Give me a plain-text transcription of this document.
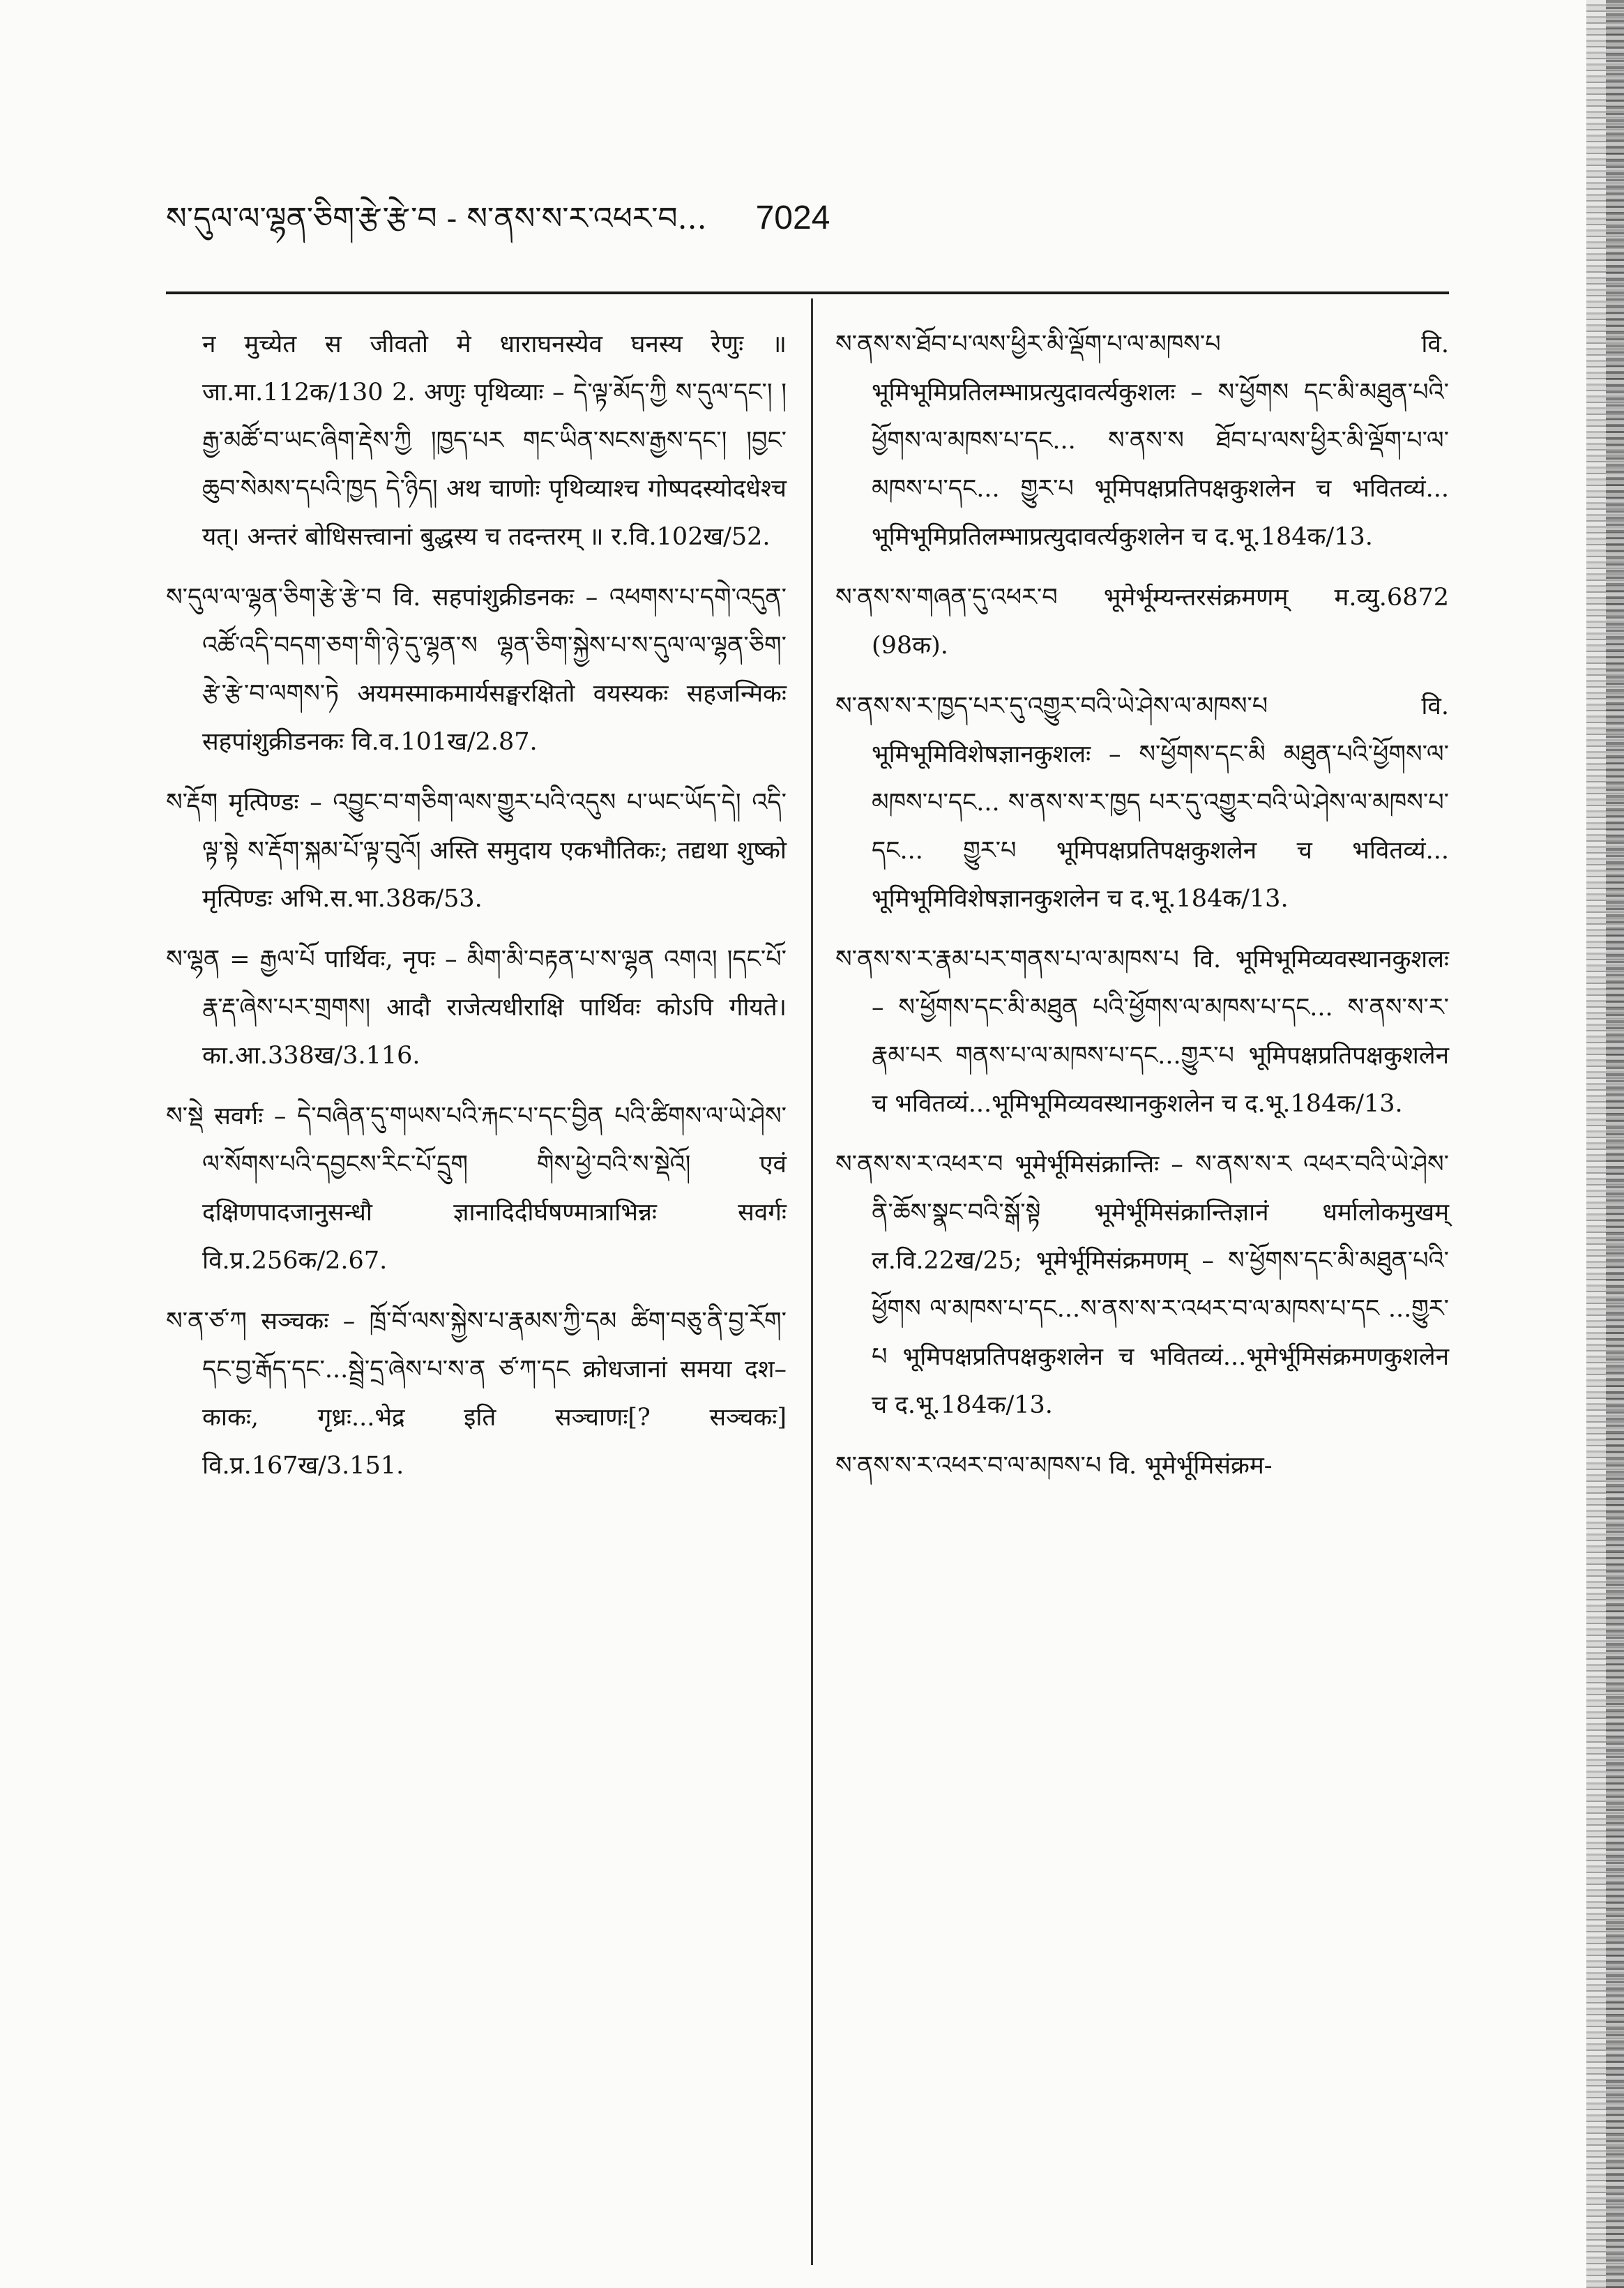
ས་དུལ་ལ་ལྷན་ཅིག་རྩེ་རྩེ་བ - ས་ནས་ས་ར་འཕར་བ... 7024

न मुच्येत स जीवतो मे धाराघनस्येव घनस्य रेणुः ॥ जा.मा.112क/130 2. अणुः पृथिव्याः – དེ་ལྟ་མོད་ཀྱི ས་དུལ་དང་། །རྒྱ་མཚོ་བ་ཡང་ཞིག་རྡེས་ཀྱི །ཁྱད་པར གང་ཡིན་སངས་རྒྱས་དང་། །བྱང་ཆུབ་སེམས་དཔའི་ཁྱད དེ་ཉིད། अथ चाणोः पृथिव्याश्च गोष्पदस्योदधेश्च यत्। अन्तरं बोधिसत्त्वानां बुद्धस्य च तदन्तरम् ॥ र.वि.102ख/52.

ས་དུལ་ལ་ལྷན་ཅིག་རྩེ་རྩེ་བ वि. सहपांशुक्रीडनकः – འཕགས་པ་དགེ་འདུན་འཚོ་འདི་བདག་ཅག་གི་ཉེ་དུ་ལྷན་ས ལྷན་ཅིག་སྐྱེས་པ་ས་དུལ་ལ་ལྷན་ཅིག་རྩེ་རྩེ་བ་ལགས་ཏེ अयमस्माकमार्यसङ्घरक्षितो वयस्यकः सहजन्मिकः सहपांशुक्रीडनकः वि.व.101ख/2.87.

ས་རྡོག मृत्पिण्डः – འབྱུང་བ་གཅིག་ལས་གྱུར་པའི་འདུས པ་ཡང་ཡོད་དེ། འདི་ལྟ་སྟེ ས་རྡོག་སྐམ་པོ་ལྟ་བུའོ། अस्ति समुदाय एकभौतिकः; तद्यथा शुष्को मृत्पिण्डः अभि.स.भा.38क/53.

ས་ལྷན = རྒྱལ་པོ पार्थिवः, नृपः – མིག་མི་བརྟན་པ་ས་ལྷན འགའ། །དང་པོ་རྣ་རྡ་ཞེས་པར་གྲགས། आदौ राजेत्यधीराक्षि पार्थिवः कोऽपि गीयते। का.आ.338ख/3.116.

ས་སྡེ सवर्गः – དེ་བཞིན་དུ་གཡས་པའི་རྐང་པ་དང་བྱིན པའི་ཚིགས་ལ་ཡེ་ཤེས་ལ་སོགས་པའི་དབྱངས་རིང་པོ་དྲུག གིས་ཕྱེ་བའི་ས་སྡེའོ། एवं दक्षिणपादजानुसन्धौ ज्ञानादिदीर्घषण्मात्राभिन्नः सवर्गः वि.प्र.256क/2.67.

ས་ན་ཙ་ཀ सञ्चकः – ཁྲོ་བོ་ལས་སྐྱེས་པ་རྣམས་ཀྱི་དམ ཚིག་བཅུ་ནི་བྱ་རོག་དང་བྱ་རྒོད་དང་...སྦྲེ་དྲ་ཞེས་པ་ས་ན ཙ་ཀ་དང क्रोधजानां समया दश–काकः, गृध्रः...भेद्र इति सञ्चाणः[? सञ्चकः] वि.प्र.167ख/3.151.

ས་ནས་ས་ཐོབ་པ་ལས་ཕྱིར་མི་ལྡོག་པ་ལ་མཁས་པ वि. भूमिभूमिप्रतिलम्भाप्रत्युदावर्त्यकुशलः – ས་ཕྱོགས དང་མི་མཐུན་པའི་ཕྱོགས་ལ་མཁས་པ་དང... ས་ནས་ས ཐོབ་པ་ལས་ཕྱིར་མི་ལྡོག་པ་ལ་མཁས་པ་དང... གྱུར་པ भूमिपक्षप्रतिपक्षकुशलेन च भवितव्यं... भूमिभूमिप्रतिलम्भाप्रत्युदावर्त्यकुशलेन च द.भू.184क/13.

ས་ནས་ས་གཞན་དུ་འཕར་བ भूमेर्भूम्यन्तरसंक्रमणम् म.व्यु.6872 (98क).

ས་ནས་ས་ར་ཁྱད་པར་དུ་འགྱུར་བའི་ཡེ་ཤེས་ལ་མཁས་པ वि. भूमिभूमिविशेषज्ञानकुशलः – ས་ཕྱོགས་དང་མི མཐུན་པའི་ཕྱོགས་ལ་མཁས་པ་དང... ས་ནས་ས་ར་ཁྱད པར་དུ་འགྱུར་བའི་ཡེ་ཤེས་ལ་མཁས་པ་དང... གྱུར་པ भूमिपक्षप्रतिपक्षकुशलेन च भवितव्यं... भूमिभूमिविशेषज्ञानकुशलेन च द.भू.184क/13.

ས་ནས་ས་ར་རྣམ་པར་གནས་པ་ལ་མཁས་པ वि. भूमिभूमिव्यवस्थानकुशलः – ས་ཕྱོགས་དང་མི་མཐུན པའི་ཕྱོགས་ལ་མཁས་པ་དང... ས་ནས་ས་ར་རྣམ་པར གནས་པ་ལ་མཁས་པ་དང...གྱུར་པ भूमिपक्षप्रतिपक्षकुशलेन च भवितव्यं...भूमिभूमिव्यवस्थानकुशलेन च द.भू.184क/13.

ས་ནས་ས་ར་འཕར་བ भूमेर्भूमिसंक्रान्तिः – ས་ནས་ས་ར འཕར་བའི་ཡེ་ཤེས་ནི་ཆོས་སྣང་བའི་སྒོ་སྟེ भूमेर्भूमिसंक्रान्तिज्ञानं धर्मालोकमुखम् ल.वि.22ख/25; भूमेर्भूमिसंक्रमणम् – ས་ཕྱོགས་དང་མི་མཐུན་པའི་ཕྱོགས ལ་མཁས་པ་དང...ས་ནས་ས་ར་འཕར་བ་ལ་མཁས་པ་དང ...གྱུར་པ भूमिपक्षप्रतिपक्षकुशलेन च भवितव्यं...भूमेर्भूमिसंक्रमणकुशलेन च द.भू.184क/13.

ས་ནས་ས་ར་འཕར་བ་ལ་མཁས་པ वि. भूमेर्भूमिसंक्रम-
